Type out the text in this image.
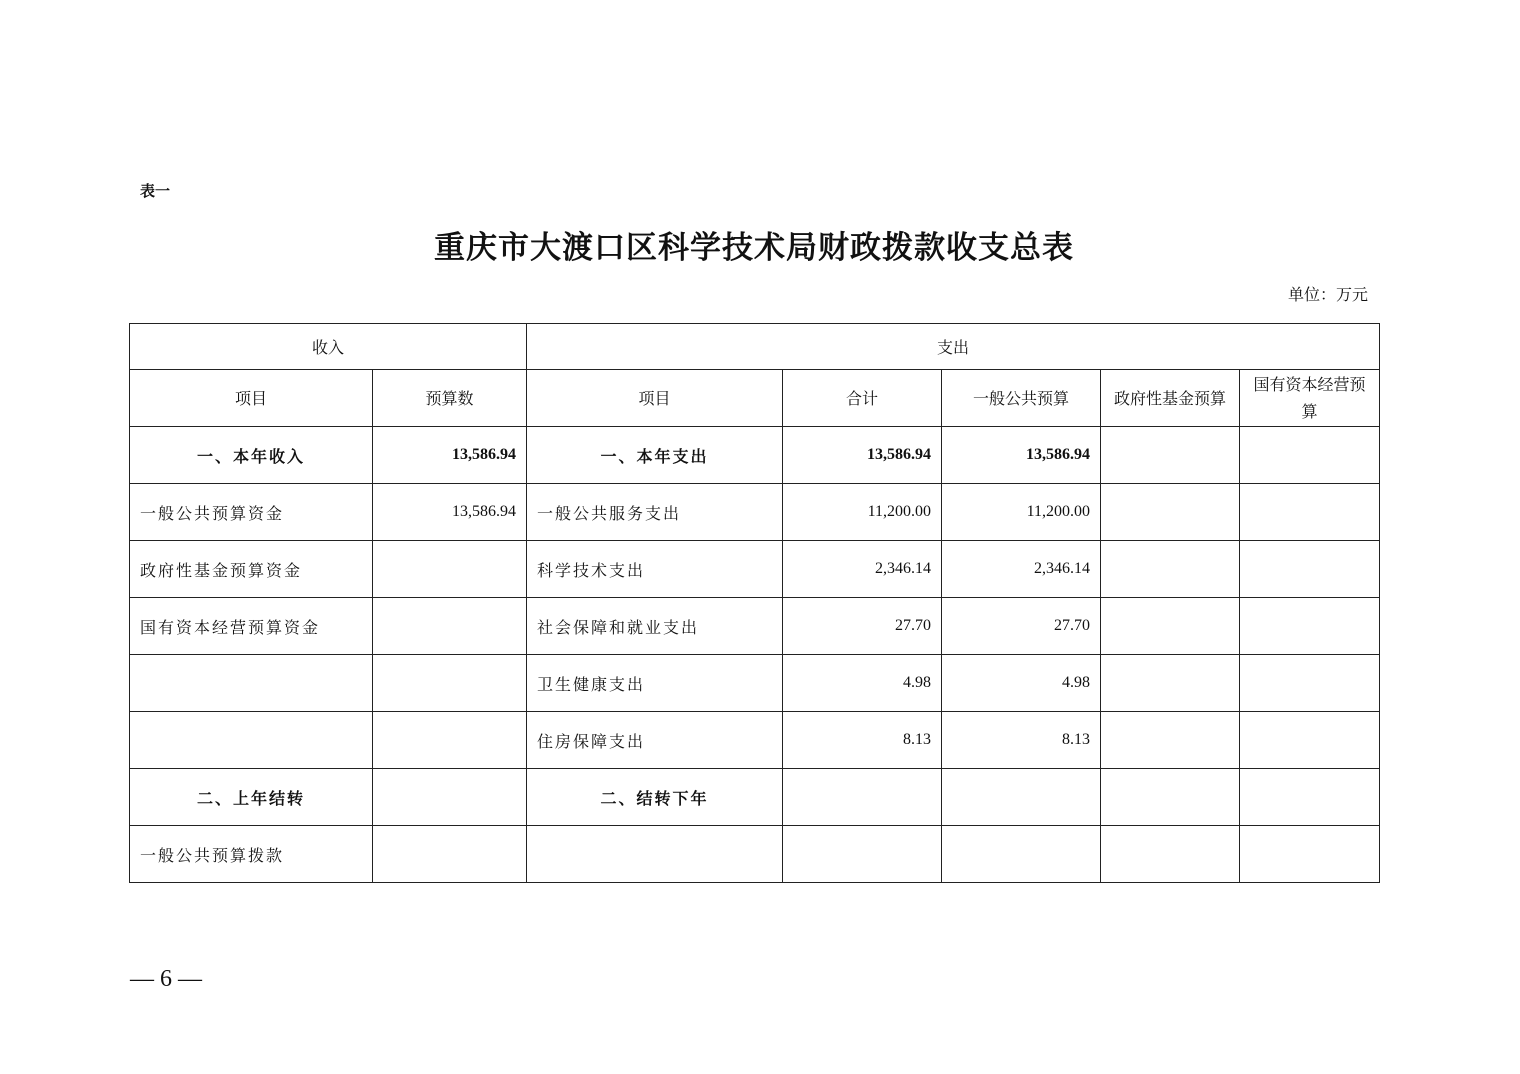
表一
重庆市大渡口区科学技术局财政拨款收支总表
单位：万元
收入		支出				
项目	预算数	项目	合计	一般公共预算	政府性基金预算	国有资本经营预算
一、本年收入	13,586.94	一、本年支出	13,586.94	13,586.94		
一般公共预算资金	13,586.94	一般公共服务支出	11,200.00	11,200.00		
政府性基金预算资金		科学技术支出	2,346.14	2,346.14		
国有资本经营预算资金		社会保障和就业支出	27.70	27.70		
		卫生健康支出	4.98	4.98		
		住房保障支出	8.13	8.13		
二、上年结转		二、结转下年				
一般公共预算拨款						
— 6 —
